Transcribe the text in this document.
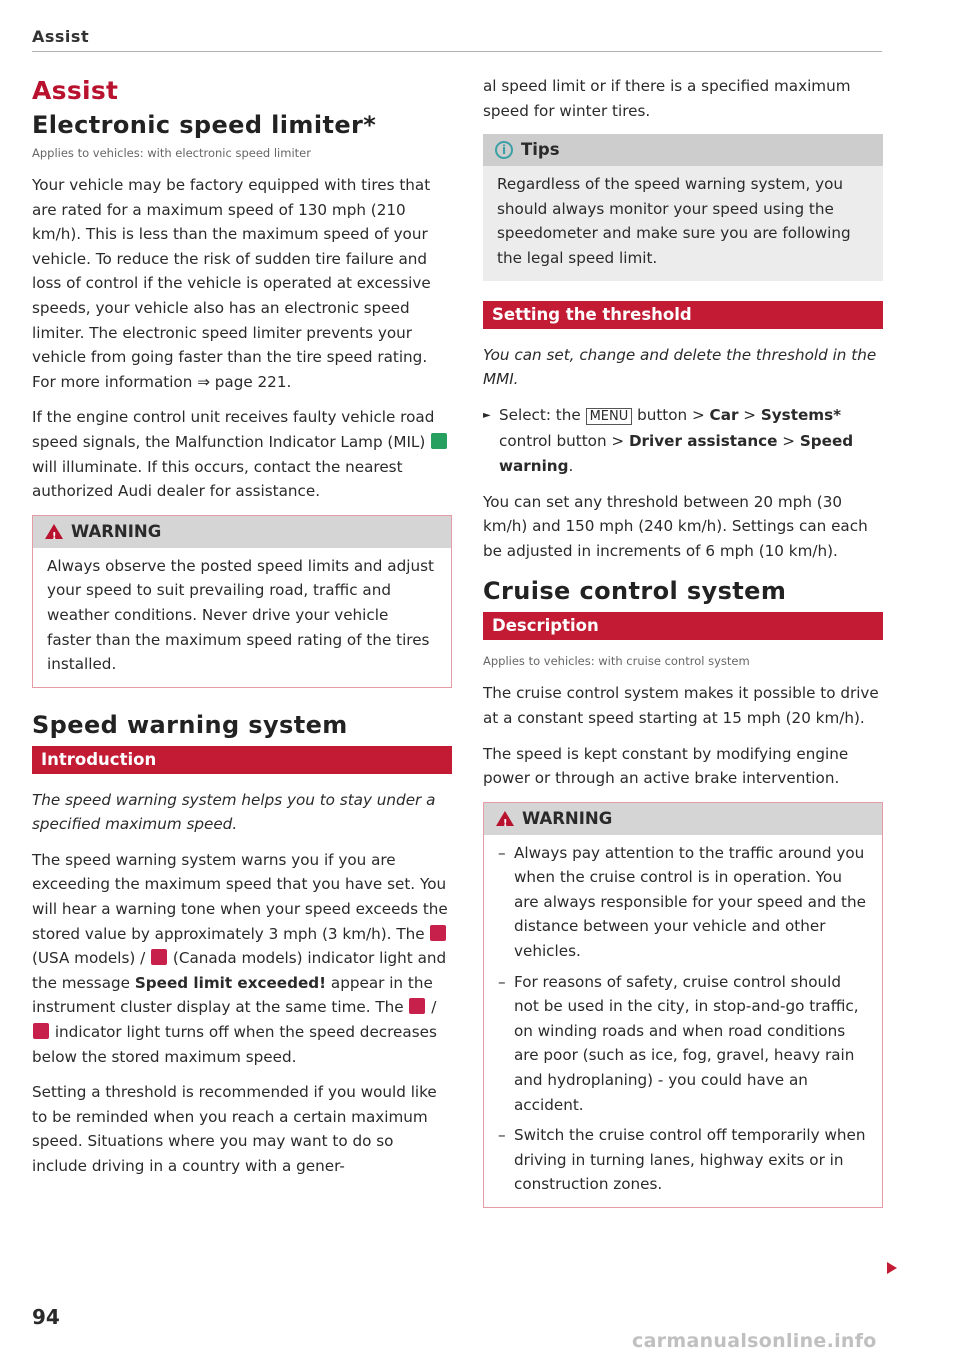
Assist
Assist
Electronic speed limiter*
Applies to vehicles: with electronic speed limiter

Your vehicle may be factory equipped with tires that are rated for a maximum speed of 130 mph (210 km/h). This is less than the maximum speed of your vehicle. To reduce the risk of sudden tire failure and loss of control if the vehicle is operated at excessive speeds, your vehicle also has an electronic speed limiter. The electronic speed limiter prevents your vehicle from going faster than the tire speed rating. For more information ⇒ page 221.

If the engine control unit receives faulty vehicle road speed signals, the Malfunction Indicator Lamp (MIL)  will illuminate. If this occurs, contact the nearest authorized Audi dealer for assistance.

!
WARNING

Always observe the posted speed limits and adjust your speed to suit prevailing road, traffic and weather conditions. Never drive your vehicle faster than the maximum speed rating of the tires installed.

Speed warning system
Introduction

The speed warning system helps you to stay under a specified maximum speed.

The speed warning system warns you if you are exceeding the maximum speed that you have set. You will hear a warning tone when your speed exceeds the stored value by approximately 3 mph (3 km/h). The  (USA models) / (Canada models) indicator light and the message Speed limit exceeded! appear in the instrument cluster display at the same time. The /  indicator light turns off when the speed decreases below the stored maximum speed.

Setting a threshold is recommended if you would like to be reminded when you reach a certain maximum speed. Situations where you may want to do so include driving in a country with a gener-

al speed limit or if there is a specified maximum speed for winter tires.

i Tips

Regardless of the speed warning system, you should always monitor your speed using the speedometer and make sure you are following the legal speed limit.

Setting the threshold

You can set, change and delete the threshold in the MMI.

► Select: the MENU button > Car > Systems* control button > Driver assistance > Speed warning.

You can set any threshold between 20 mph (30 km/h) and 150 mph (240 km/h). Settings can each be adjusted in increments of 6 mph (10 km/h).

Cruise control system
Description
Applies to vehicles: with cruise control system

The cruise control system makes it possible to drive at a constant speed starting at 15 mph (20 km/h).

The speed is kept constant by modifying engine power or through an active brake intervention.

!
WARNING

– Always pay attention to the traffic around you when the cruise control is in operation. You are always responsible for your speed and the distance between your vehicle and other vehicles.

– For reasons of safety, cruise control should not be used in the city, in stop-and-go traffic, on winding roads and when road conditions are poor (such as ice, fog, gravel, heavy rain and hydroplaning) - you could have an accident.

– Switch the cruise control off temporarily when driving in turning lanes, highway exits or in construction zones.

94
carmanualsonline.info
